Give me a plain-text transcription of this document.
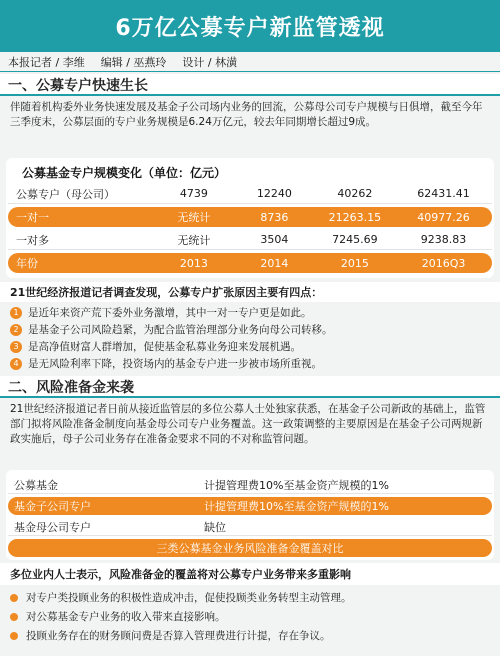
6万亿公募专户新监管透视
本报记者 / 李维 编辑 / 巫燕玲 设计 / 林潢
一、公募专户快速生长
伴随着机构委外业务快速发展及基金子公司场内业务的回流，公募母公司专户规模与日俱增，截至今年三季度末，公募层面的专户业务规模是6.24万亿元，较去年同期增长超过9成。
公募基金专户规模变化（单位：亿元）
公募专户（母公司）	4739	12240	40262	62431.41
一对一	无统计	8736	21263.15	40977.26
一对多	无统计	3504	7245.69	9238.83
年份	2013	2014	2015	2016Q3
21世纪经济报道记者调查发现，公募专户扩张原因主要有四点：
1 是近年来资产荒下委外业务激增，其中一对一专户更是如此。
2 是基金子公司风险趋紧，为配合监管治理部分业务向母公司转移。
3 是高净值财富人群增加，促使基金私募业务迎来发展机遇。
4 是无风险利率下降，投资场内的基金专户进一步被市场所重视。
二、风险准备金来袭
21世纪经济报道记者日前从接近监管层的多位公募人士处独家获悉，在基金子公司新政的基础上，监管部门拟将风险准备金制度向基金母公司专户业务覆盖。这一政策调整的主要原因是在基金子公司两规新政实施后，母子公司业务存在准备金要求不同的不对称监管问题。
公募基金	计提管理费10%至基金资产规模的1%
基金子公司专户	计提管理费10%至基金资产规模的1%
基金母公司专户	缺位
三类公募基金业务风险准备金覆盖对比
多位业内人士表示，风险准备金的覆盖将对公募专户业务带来多重影响
对专户类投顾业务的积极性造成冲击，促使投顾类业务转型主动管理。
对公募基金专户业务的收入带来直接影响。
投顾业务存在的财务顾问费是否算入管理费进行计提，存在争议。
